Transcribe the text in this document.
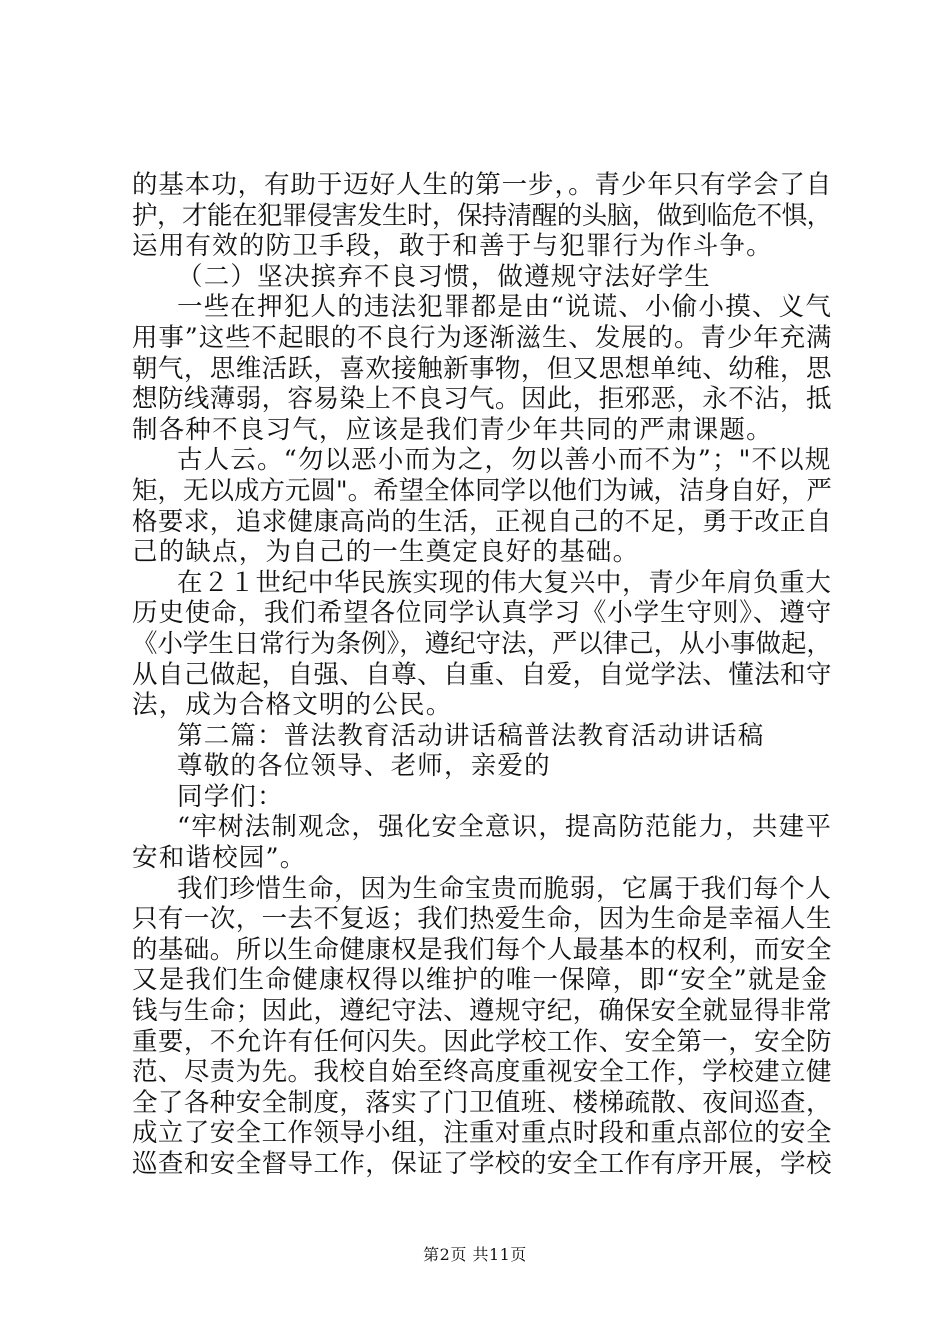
的基本功，有助于迈好人生的第一步，。青少年只有学会了自
护，才能在犯罪侵害发生时，保持清醒的头脑，做到临危不惧，
运用有效的防卫手段，敢于和善于与犯罪行为作斗争。
（二）坚决摈弃不良习惯，做遵规守法好学生
一些在押犯人的违法犯罪都是由“说谎、小偷小摸、义气
用事”这些不起眼的不良行为逐渐滋生、发展的。青少年充满
朝气，思维活跃，喜欢接触新事物，但又思想单纯、幼稚，思
想防线薄弱，容易染上不良习气。因此，拒邪恶，永不沾，抵
制各种不良习气，应该是我们青少年共同的严肃课题。
古人云。“勿以恶小而为之，勿以善小而不为”；"不以规
矩，无以成方元圆"。希望全体同学以他们为诫，洁身自好，严
格要求，追求健康高尚的生活，正视自己的不足，勇于改正自
己的缺点，为自己的一生奠定良好的基础。
在２１世纪中华民族实现的伟大复兴中，青少年肩负重大
历史使命，我们希望各位同学认真学习《小学生守则》、遵守
《小学生日常行为条例》，遵纪守法，严以律己，从小事做起，
从自己做起，自强、自尊、自重、自爱，自觉学法、懂法和守
法，成为合格文明的公民。
第二篇：普法教育活动讲话稿普法教育活动讲话稿
尊敬的各位领导、老师，亲爱的
同学们：
“牢树法制观念，强化安全意识，提高防范能力，共建平
安和谐校园”。
我们珍惜生命，因为生命宝贵而脆弱，它属于我们每个人
只有一次，一去不复返；我们热爱生命，因为生命是幸福人生
的基础。所以生命健康权是我们每个人最基本的权利，而安全
又是我们生命健康权得以维护的唯一保障，即“安全”就是金
钱与生命；因此，遵纪守法、遵规守纪，确保安全就显得非常
重要，不允许有任何闪失。因此学校工作、安全第一，安全防
范、尽责为先。我校自始至终高度重视安全工作，学校建立健
全了各种安全制度，落实了门卫值班、楼梯疏散、夜间巡查，
成立了安全工作领导小组，注重对重点时段和重点部位的安全
巡查和安全督导工作，保证了学校的安全工作有序开展，学校
第2页 共11页
